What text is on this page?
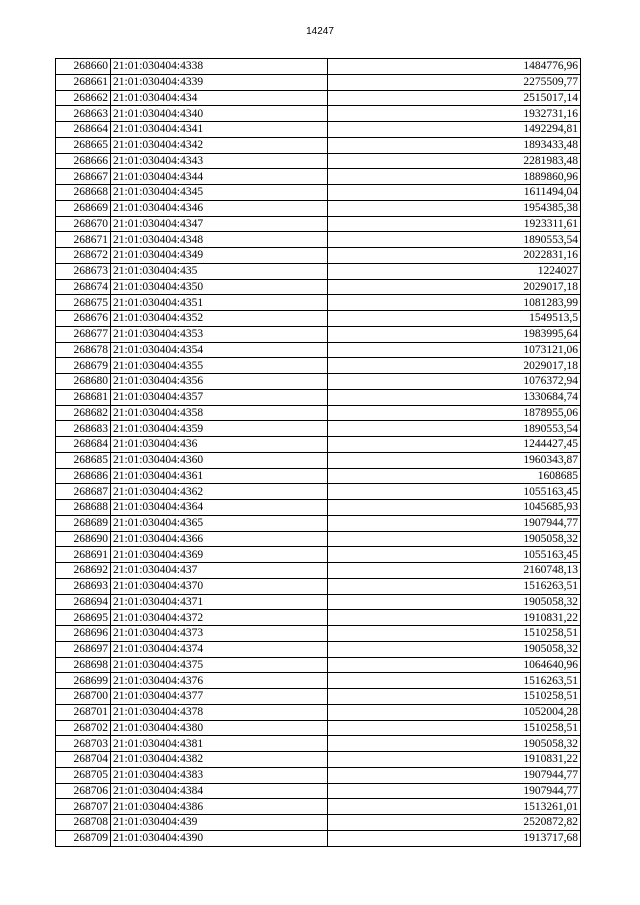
14247
268660	21:01:030404:4338	1484776,96
268661	21:01:030404:4339	2275509,77
268662	21:01:030404:434	2515017,14
268663	21:01:030404:4340	1932731,16
268664	21:01:030404:4341	1492294,81
268665	21:01:030404:4342	1893433,48
268666	21:01:030404:4343	2281983,48
268667	21:01:030404:4344	1889860,96
268668	21:01:030404:4345	1611494,04
268669	21:01:030404:4346	1954385,38
268670	21:01:030404:4347	1923311,61
268671	21:01:030404:4348	1890553,54
268672	21:01:030404:4349	2022831,16
268673	21:01:030404:435	1224027
268674	21:01:030404:4350	2029017,18
268675	21:01:030404:4351	1081283,99
268676	21:01:030404:4352	1549513,5
268677	21:01:030404:4353	1983995,64
268678	21:01:030404:4354	1073121,06
268679	21:01:030404:4355	2029017,18
268680	21:01:030404:4356	1076372,94
268681	21:01:030404:4357	1330684,74
268682	21:01:030404:4358	1878955,06
268683	21:01:030404:4359	1890553,54
268684	21:01:030404:436	1244427,45
268685	21:01:030404:4360	1960343,87
268686	21:01:030404:4361	1608685
268687	21:01:030404:4362	1055163,45
268688	21:01:030404:4364	1045685,93
268689	21:01:030404:4365	1907944,77
268690	21:01:030404:4366	1905058,32
268691	21:01:030404:4369	1055163,45
268692	21:01:030404:437	2160748,13
268693	21:01:030404:4370	1516263,51
268694	21:01:030404:4371	1905058,32
268695	21:01:030404:4372	1910831,22
268696	21:01:030404:4373	1510258,51
268697	21:01:030404:4374	1905058,32
268698	21:01:030404:4375	1064640,96
268699	21:01:030404:4376	1516263,51
268700	21:01:030404:4377	1510258,51
268701	21:01:030404:4378	1052004,28
268702	21:01:030404:4380	1510258,51
268703	21:01:030404:4381	1905058,32
268704	21:01:030404:4382	1910831,22
268705	21:01:030404:4383	1907944,77
268706	21:01:030404:4384	1907944,77
268707	21:01:030404:4386	1513261,01
268708	21:01:030404:439	2520872,82
268709	21:01:030404:4390	1913717,68
